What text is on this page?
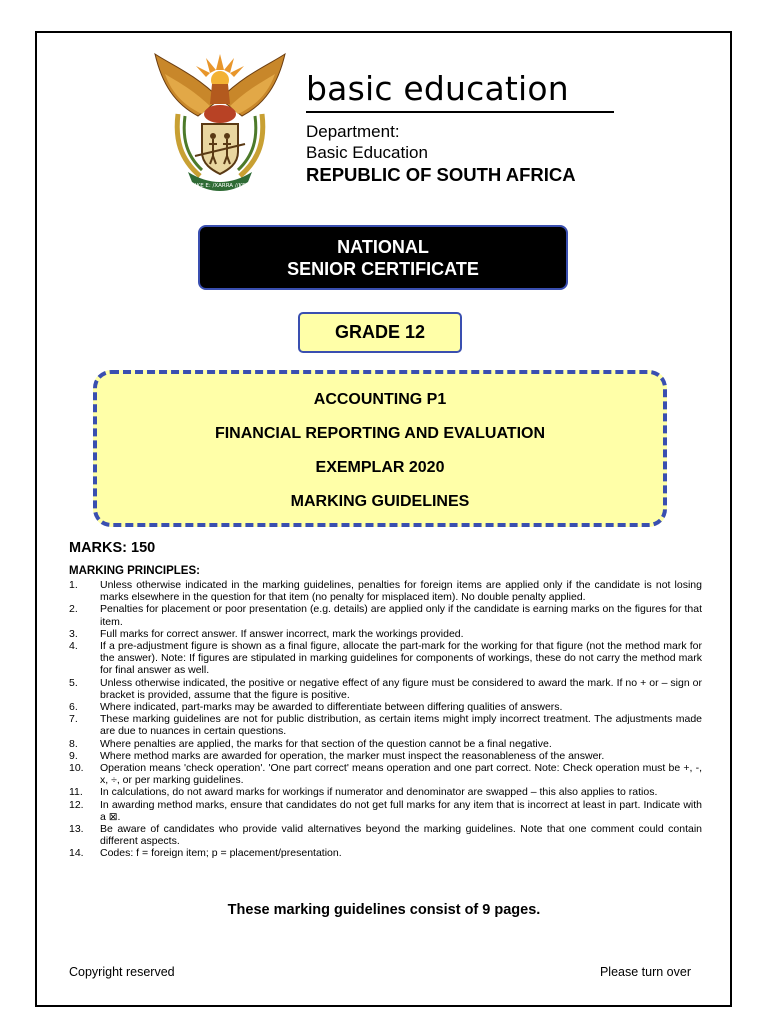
!KE E: /XARRA //KE
basic education
Department:
Basic Education
REPUBLIC OF SOUTH AFRICA
NATIONAL
SENIOR CERTIFICATE
GRADE 12
ACCOUNTING P1
FINANCIAL REPORTING AND EVALUATION
EXEMPLAR 2020
MARKING GUIDELINES
MARKS: 150
MARKING PRINCIPLES:
1.	Unless otherwise indicated in the marking guidelines, penalties for foreign items are applied only if the candidate is not losing marks elsewhere in the question for that item (no penalty for misplaced item). No double penalty applied.
2.	Penalties for placement or poor presentation (e.g. details) are applied only if the candidate is earning marks on the figures for that item.
3.	Full marks for correct answer. If answer incorrect, mark the workings provided.
4.	If a pre-adjustment figure is shown as a final figure, allocate the part-mark for the working for that figure (not the method mark for the answer). Note: If figures are stipulated in marking guidelines for components of workings, these do not carry the method mark for final answer as well.
5.	Unless otherwise indicated, the positive or negative effect of any figure must be considered to award the mark. If no + or – sign or bracket is provided, assume that the figure is positive.
6.	Where indicated, part-marks may be awarded to differentiate between differing qualities of answers.
7.	These marking guidelines are not for public distribution, as certain items might imply incorrect treatment. The adjustments made are due to nuances in certain questions.
8.	Where penalties are applied, the marks for that section of the question cannot be a final negative.
9.	Where method marks are awarded for operation, the marker must inspect the reasonableness of the answer.
10.	Operation means 'check operation'. 'One part correct' means operation and one part correct. Note: Check operation must be +, -, x, ÷, or per marking guidelines.
11.	In calculations, do not award marks for workings if numerator and denominator are swapped – this also applies to ratios.
12.	In awarding method marks, ensure that candidates do not get full marks for any item that is incorrect at least in part. Indicate with a ⊠.
13.	Be aware of candidates who provide valid alternatives beyond the marking guidelines. Note that one comment could contain different aspects.
14.	Codes: f = foreign item; p = placement/presentation.
These marking guidelines consist of 9 pages.
Copyright reserved	Please turn over
